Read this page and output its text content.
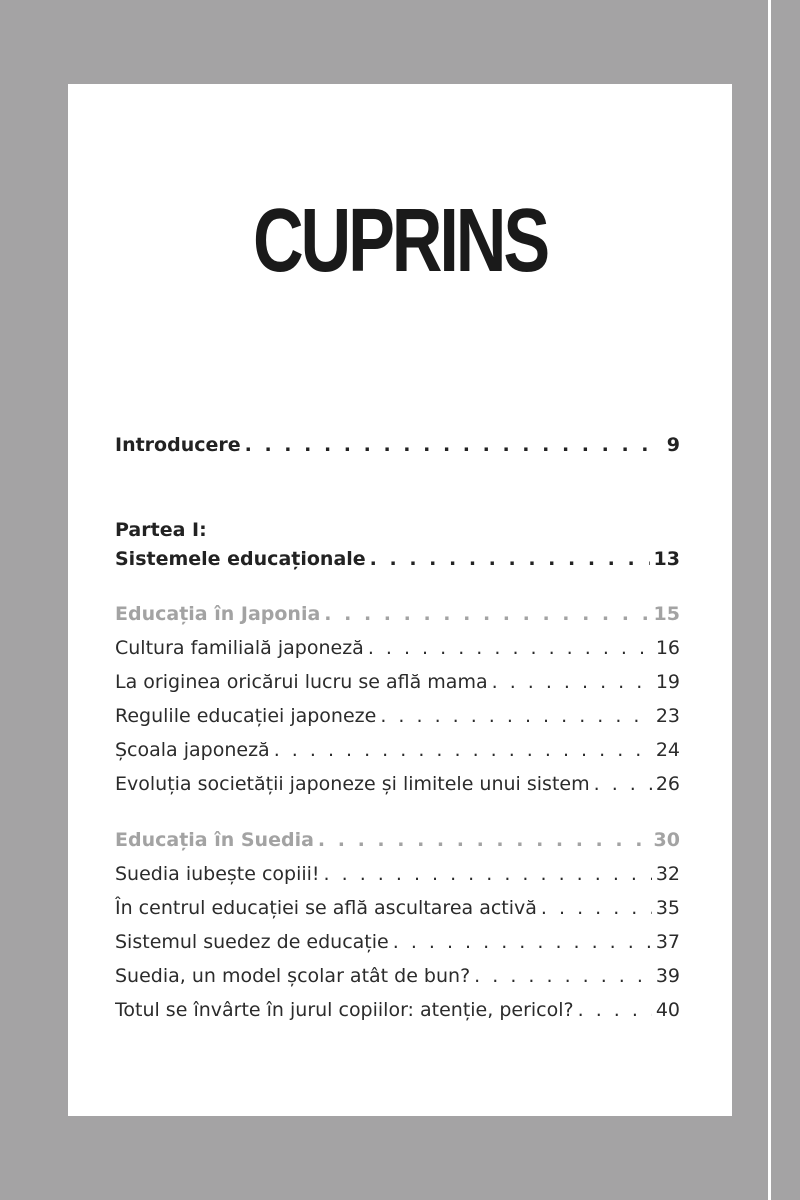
CUPRINS
Introducere . . .	9
Partea I:
Sistemele educaționale . . .	13
Educația în Japonia . . .	15
Cultura familială japoneză . . .	16
La originea oricărui lucru se află mama . . .	19
Regulile educației japoneze . . .	23
Școala japoneză . . .	24
Evoluția societății japoneze și limitele unui sistem . . .	26
Educația în Suedia . . .	30
Suedia iubește copiii! . . .	32
În centrul educației se află ascultarea activă . . .	35
Sistemul suedez de educație . . .	37
Suedia, un model școlar atât de bun? . . .	39
Totul se învârte în jurul copiilor: atenție, pericol? . . .	40
